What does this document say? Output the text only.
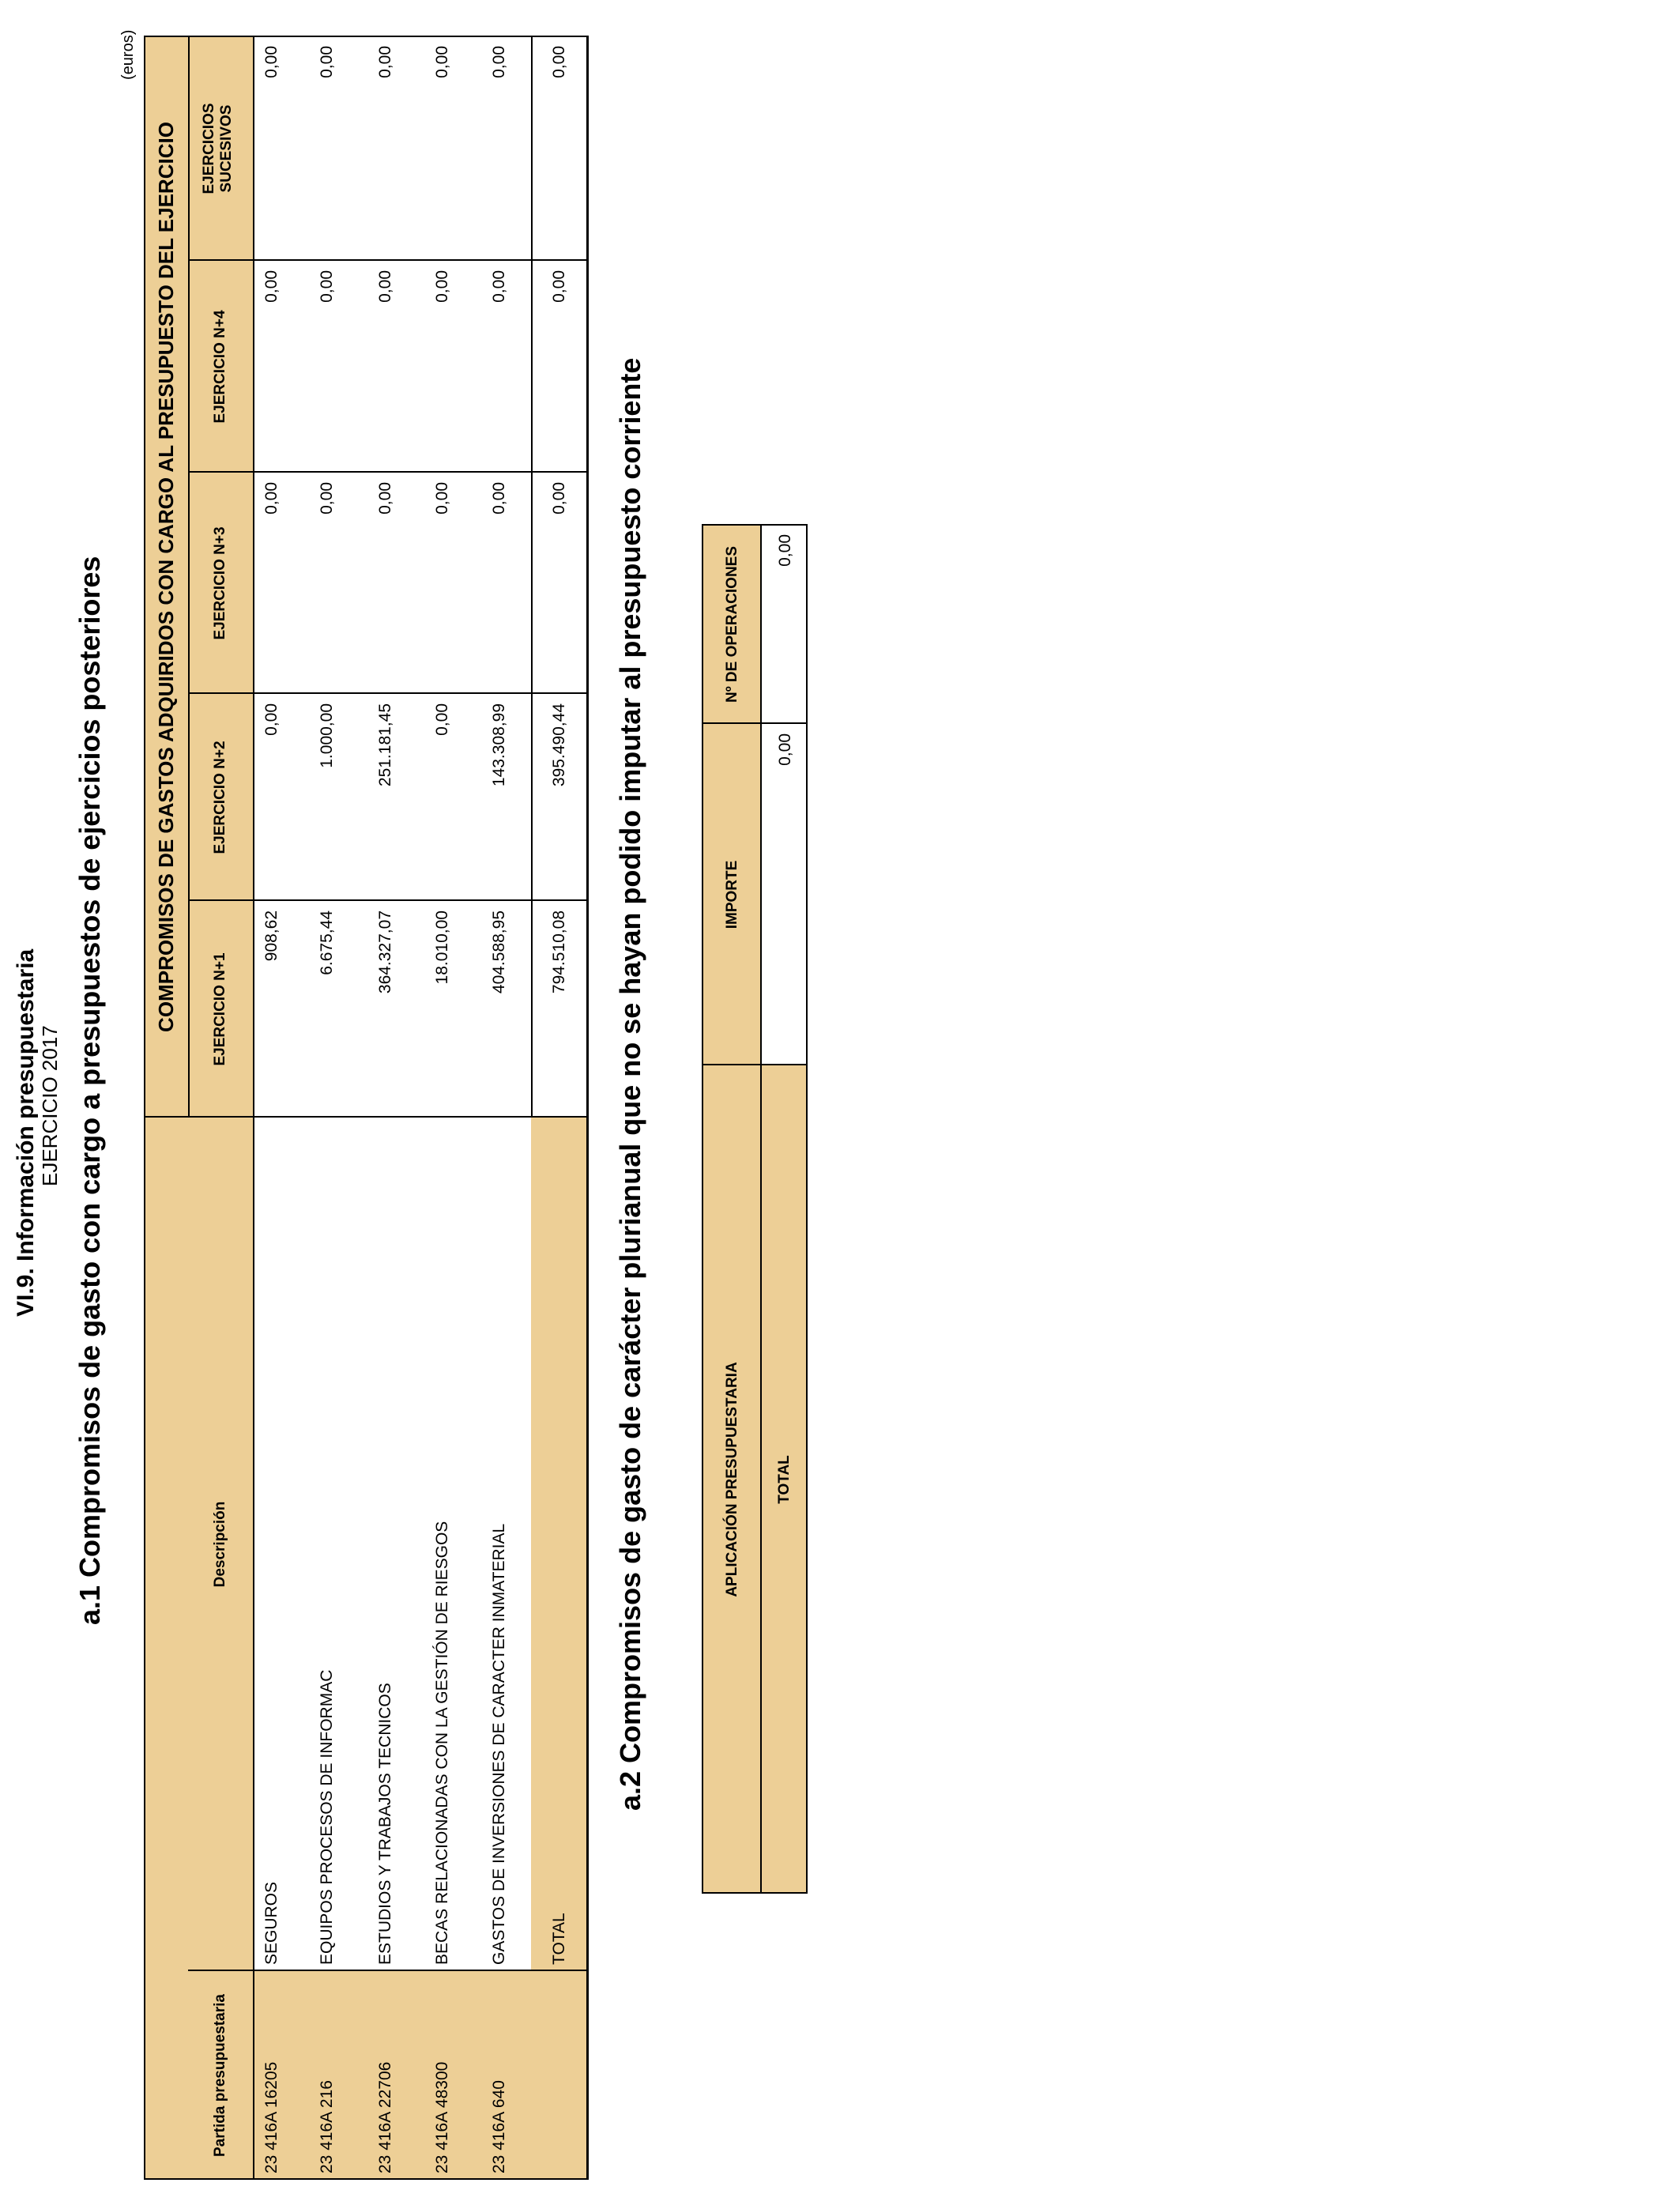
VI.9. Información presupuestaria EJERCICIO 2017 a.1 Compromisos de gasto con cargo a presupuestos de ejercicios posteriores
(euros)
COMPROMISOS DE GASTOS ADQUIRIDOS CON CARGO AL PRESUPUESTO DEL EJERCICIO
Partida presupuestaria
Descripción
EJERCICIO N+1
EJERCICIO N+2
EJERCICIO N+3
EJERCICIO N+4
EJERCICIOS SUCESIVOS
23 416A 16205
SEGUROS
908,62
0,00
0,00
0,00
0,00
23 416A 216
EQUIPOS PROCESOS DE INFORMAC
6.675,44
1.000,00
0,00
0,00
0,00
23 416A 22706
ESTUDIOS Y TRABAJOS TECNICOS
364.327,07
251.181,45
0,00
0,00
0,00
23 416A 48300
BECAS RELACIONADAS CON LA GESTIÓN DE RIESGOS
18.010,00
0,00
0,00
0,00
0,00
23 416A 640
GASTOS DE INVERSIONES DE CARACTER INMATERIAL
404.588,95
143.308,99
0,00
0,00
0,00
TOTAL
794.510,08
395.490,44
0,00
0,00
0,00
a.2 Compromisos de gasto de carácter plurianual que no se hayan podido imputar al presupuesto corriente	APLICACIÓN PRESUPUESTARIA
IMPORTE
Nº DE OPERACIONES
TOTAL
0,00
0,00
